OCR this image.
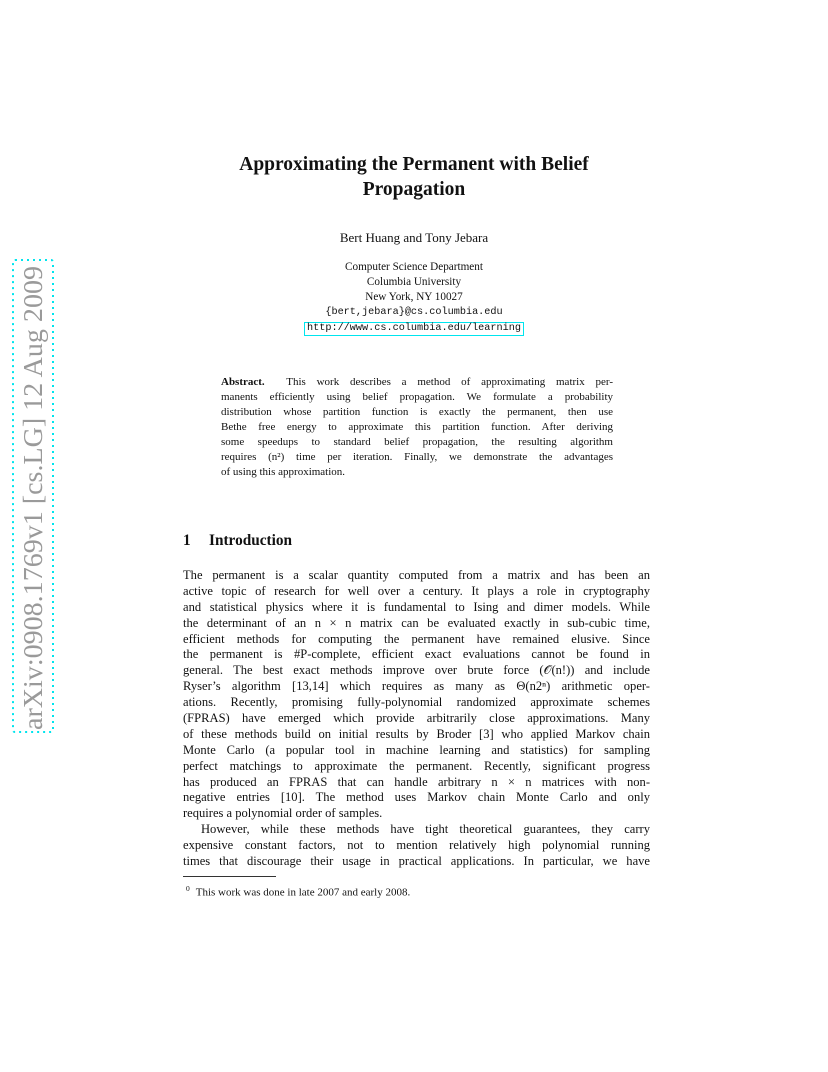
arXiv:0908.1769v1 [cs.LG] 12 Aug 2009
Approximating the Permanent with Belief
Propagation
Bert Huang and Tony Jebara
Computer Science Department
Columbia University
New York, NY 10027
{bert,jebara}@cs.columbia.edu
http://www.cs.columbia.edu/learning
Abstract. This work describes a method of approximating matrix per-
manents efficiently using belief propagation. We formulate a probability
distribution whose partition function is exactly the permanent, then use
Bethe free energy to approximate this partition function. After deriving
some speedups to standard belief propagation, the resulting algorithm
requires (n²) time per iteration. Finally, we demonstrate the advantages
of using this approximation.
1 Introduction
The permanent is a scalar quantity computed from a matrix and has been an
active topic of research for well over a century. It plays a role in cryptography
and statistical physics where it is fundamental to Ising and dimer models. While
the determinant of an n × n matrix can be evaluated exactly in sub-cubic time,
efficient methods for computing the permanent have remained elusive. Since
the permanent is #P-complete, efficient exact evaluations cannot be found in
general. The best exact methods improve over brute force (𝒪(n!)) and include
Ryser’s algorithm [13,14] which requires as many as Θ(n2ⁿ) arithmetic oper-
ations. Recently, promising fully-polynomial randomized approximate schemes
(FPRAS) have emerged which provide arbitrarily close approximations. Many
of these methods build on initial results by Broder [3] who applied Markov chain
Monte Carlo (a popular tool in machine learning and statistics) for sampling
perfect matchings to approximate the permanent. Recently, significant progress
has produced an FPRAS that can handle arbitrary n × n matrices with non-
negative entries [10]. The method uses Markov chain Monte Carlo and only
requires a polynomial order of samples.
However, while these methods have tight theoretical guarantees, they carry
expensive constant factors, not to mention relatively high polynomial running
times that discourage their usage in practical applications. In particular, we have
$^0$ This work was done in late 2007 and early 2008.
